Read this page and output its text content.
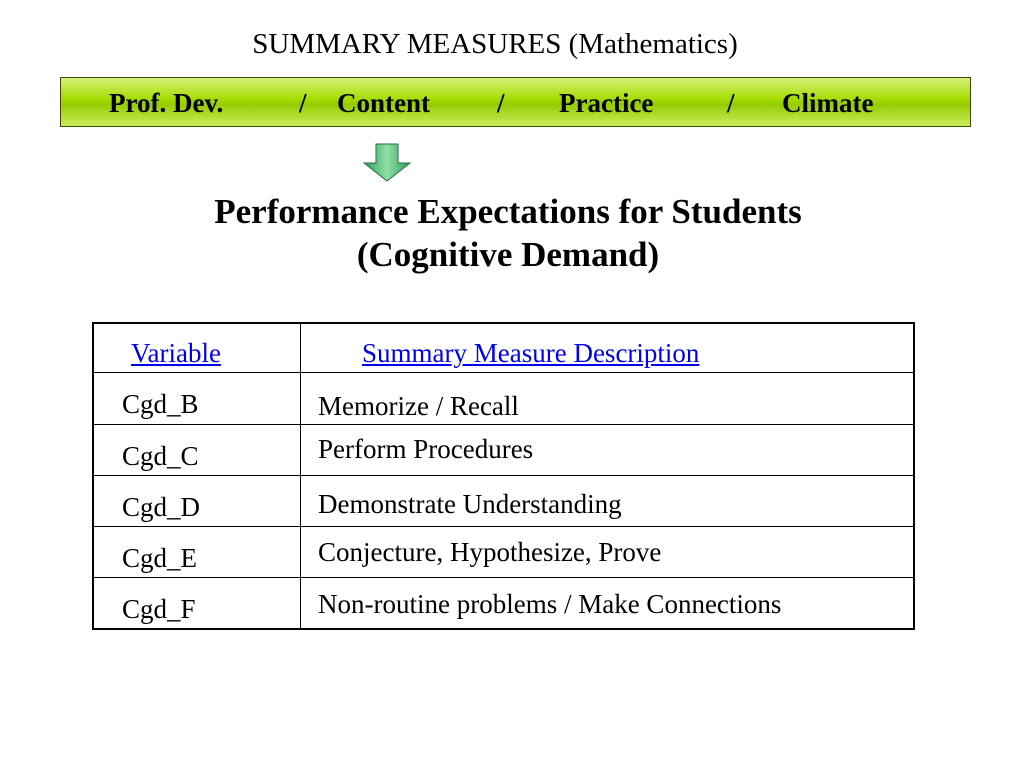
SUMMARY MEASURES (Mathematics)
Prof. Dev.	/ Content / Practice	/ Climate
Performance Expectations for Students
(Cognitive Demand)
Variable	Summary Measure Description
Cgd_B	Memorize / Recall
Cgd_C	Perform Procedures
Cgd_D	Demonstrate Understanding
Cgd_E	Conjecture, Hypothesize, Prove
Cgd_F	Non-routine problems / Make Connections
